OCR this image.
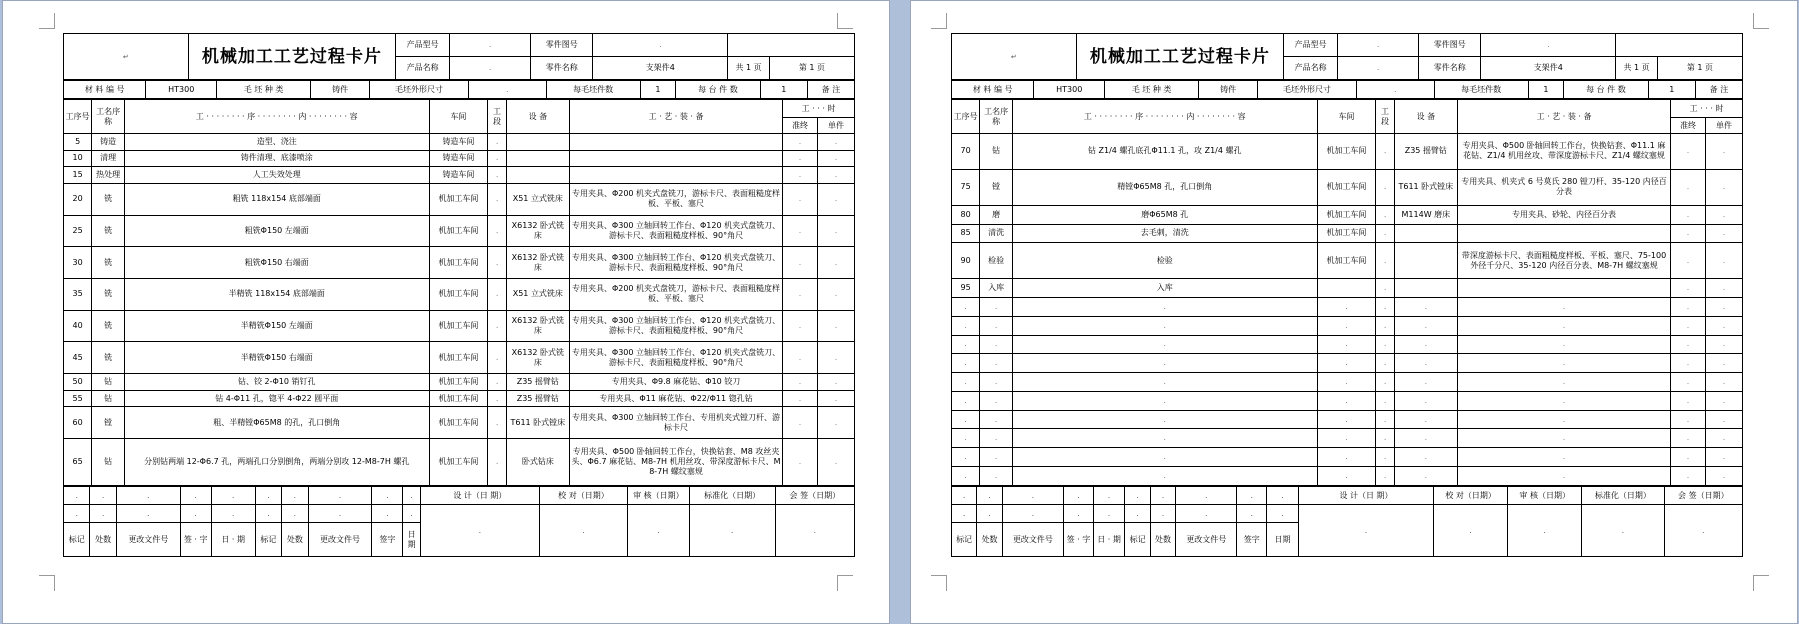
↵	机械加工工艺过程卡片	产品型号	.	零件图号	.		
		产品名称	.	零件名称	支架件4	共 1 页	第 1 页
材 料 编 号	HT300	毛 坯 种 类	铸件	毛坯外形尺寸	.	每毛坯件数	1	每 台 件 数	1	备 注
工序号	工名序称	工 · · · · · · · · 序 · · · · · · · · 内 · · · · · · · · 容	车间	工段	设 备	工 · 艺 · 装 · 备	工 · · · 时	
							准终	单件
5	铸造	造型、浇注	铸造车间	.			.	.
10	清理	铸件清理、底漆喷涂	铸造车间	.			.	.
15	热处理	人工失效处理	铸造车间	.			.	.
20	铣	粗铣 118x154 底部端面	机加工车间	.	X51 立式铣床	专用夹具、Φ200 机夹式盘铣刀，游标卡尺、表面粗糙度样板、平板、塞尺	.	.
25	铣	粗铣Φ150 左端面	机加工车间	.	X6132 卧式铣床	专用夹具、Φ300 立轴回转工作台、Φ120 机夹式盘铣刀、游标卡尺、表面粗糙度样板、90°角尺	.	.
30	铣	粗铣Φ150 右端面	机加工车间	.	X6132 卧式铣床	专用夹具、Φ300 立轴回转工作台、Φ120 机夹式盘铣刀、游标卡尺、表面粗糙度样板、90°角尺	.	.
35	铣	半精铣 118x154 底部端面	机加工车间	.	X51 立式铣床	专用夹具、Φ200 机夹式盘铣刀，游标卡尺、表面粗糙度样板、平板、塞尺	.	.
40	铣	半精铣Φ150 左端面	机加工车间	.	X6132 卧式铣床	专用夹具、Φ300 立轴回转工作台、Φ120 机夹式盘铣刀、游标卡尺、表面粗糙度样板、90°角尺	.	.
45	铣	半精铣Φ150 右端面	机加工车间	.	X6132 卧式铣床	专用夹具、Φ300 立轴回转工作台、Φ120 机夹式盘铣刀、游标卡尺、表面粗糙度样板、90°角尺	.	.
50	钻	钻、铰 2-Φ10 销钉孔	机加工车间	.	Z35 摇臂钻	专用夹具、Φ9.8 麻花钻、Φ10 铰刀	.	.
55	钻	钻 4-Φ11 孔，锪平 4-Φ22 圆平面	机加工车间	.	Z35 摇臂钻	专用夹具、Φ11 麻花钻、Φ22/Φ11 锪孔钻	.	.
60	镗	粗、半精镗Φ65M8 的孔，孔口倒角	机加工车间	.	T611 卧式镗床	专用夹具、Φ300 立轴回转工作台、专用机夹式镗刀杆、游标卡尺	.	.
65	钻	分别钻两端 12-Φ6.7 孔，两端孔口分别倒角，两端分别攻 12-M8-7H 螺孔	机加工车间	.	卧式钻床	专用夹具、Φ500 卧轴回转工作台，快换钻套、M8 攻丝夹头、Φ6.7 麻花钻、M8-7H 机用丝攻、带深度游标卡尺、M8-7H 螺纹塞规	.	.
.	.	.	.	.	.	.	.	.	.	设 计（日 期）	校 对（日期）	审 核（日期）	标准化（日期）	会 签（日期）
.	.	.	.	.	.	.	.	.	.	.	.	.	.	.
标记	处数	更改文件号	签 · 字	日 · 期	标记	处数	更改文件号	签字	日期					
↵	机械加工工艺过程卡片	产品型号	.	零件图号	.		
		产品名称	.	零件名称	支架件4	共 1 页	第 1 页
材 料 编 号	HT300	毛 坯 种 类	铸件	毛坯外形尺寸	.	每毛坯件数	1	每 台 件 数	1	备 注
工序号	工名序称	工 · · · · · · · · 序 · · · · · · · · 内 · · · · · · · · 容	车间	工段	设 备	工 · 艺 · 装 · 备	工 · · · 时	
							准终	单件
70	钻	钻 Z1/4 螺孔底孔Φ11.1 孔，攻 Z1/4 螺孔	机加工车间	.	Z35 摇臂钻	专用夹具、Φ500 卧轴回转工作台，快换钻套、Φ11.1 麻花钻、Z1/4 机用丝攻、带深度游标卡尺、Z1/4 螺纹塞规	.	.
75	镗	精镗Φ65M8 孔，孔口倒角	机加工车间	.	T611 卧式镗床	专用夹具、机夹式 6 号莫氏 280 镗刀杆、35-120 内径百分表	.	.
80	磨	磨Φ65M8 孔	机加工车间	.	M114W 磨床	专用夹具、砂轮、内径百分表	.	.
85	清洗	去毛刺，清洗	机加工车间	.			.	.
90	检验	检验	机加工车间	.		带深度游标卡尺、表面粗糙度样板、平板、塞尺、75-100 外径千分尺、35-120 内径百分表、M8-7H 螺纹塞规	.	.
95	入库	入库		.			.	.
.	.	.	.	.	.	.	.	.
.	.	.	.	.	.	.	.	.
.	.	.	.	.	.	.	.	.
.	.	.	.	.	.	.	.	.
.	.	.	.	.	.	.	.	.
.	.	.	.	.	.	.	.	.
.	.	.	.	.	.	.	.	.
.	.	.	.	.	.	.	.	.
.	.	.	.	.	.	.	.	.
.	.	.	.	.	.	.	.	.
.	.	.	.	.	.	.	.	.	.	设 计（日 期）	校 对（日期）	审 核（日期）	标准化（日期）	会 签（日期）
.	.	.	.	.	.	.	.	.	.	.	.	.	.	.
标记	处数	更改文件号	签 · 字	日 · 期	标记	处数	更改文件号	签字	日期					
